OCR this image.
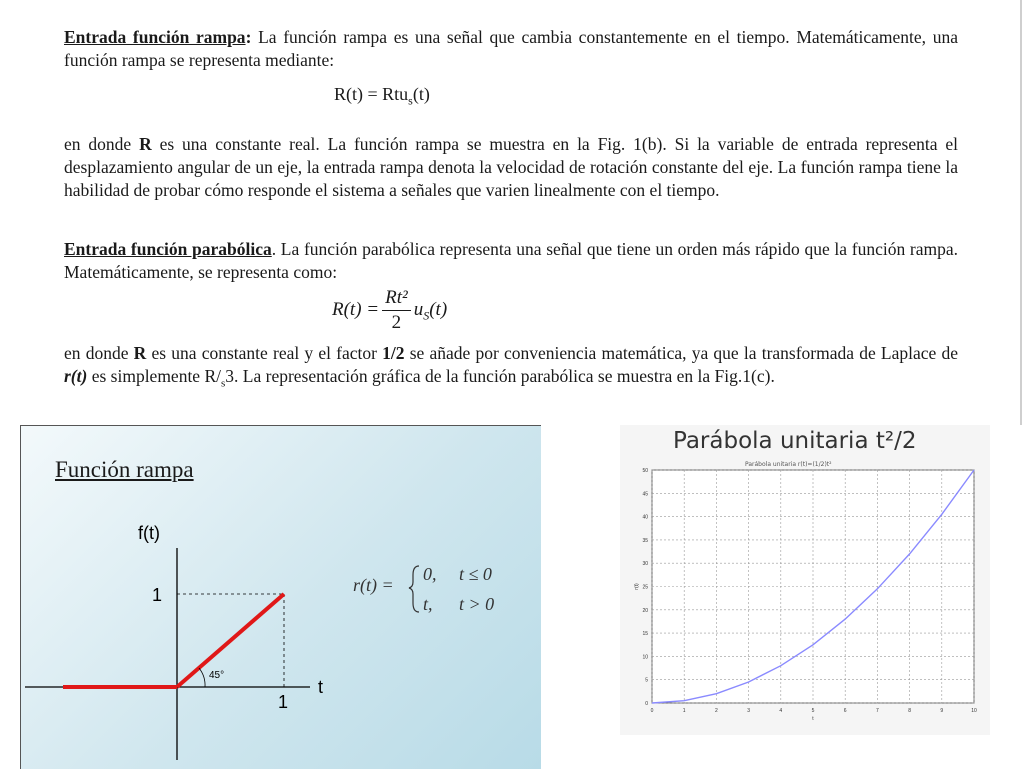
Entrada función rampa: La función rampa es una señal que cambia constantemente en el tiempo. Matemáticamente, una función rampa se representa mediante:
R(t) = Rtu$_s$(t)
en donde R es una constante real. La función rampa se muestra en la Fig. 1(b). Si la variable de entrada representa el desplazamiento angular de un eje, la entrada rampa denota la velocidad de rotación constante del eje. La función rampa tiene la habilidad de probar cómo responde el sistema a señales que varien linealmente con el tiempo.
Entrada función parabólica. La función parabólica representa una señal que tiene un orden más rápido que la función rampa. Matemáticamente, se representa como:
$R(t) = \frac{\text{Rt²}}{2} u_S(t)$
en donde R es una constante real y el factor 1/2 se añade por conveniencia matemática, ya que la transformada de Laplace de r(t) es simplemente $R/_s3$. La representación gráfica de la función parabólica se muestra en la Fig.1(c).
Función rampa
45°
f(t)
1
t
1
r(t) =
0, t ≤ 0
t, t > 0
Parábola unitaria t²/2
Parábola unitaria r(t)=(1/2)t²
0	1	2	3	4	5	6	7	8	9	10
0
5
10
15
20
25
30
35
40
45
50
t
r(t)
